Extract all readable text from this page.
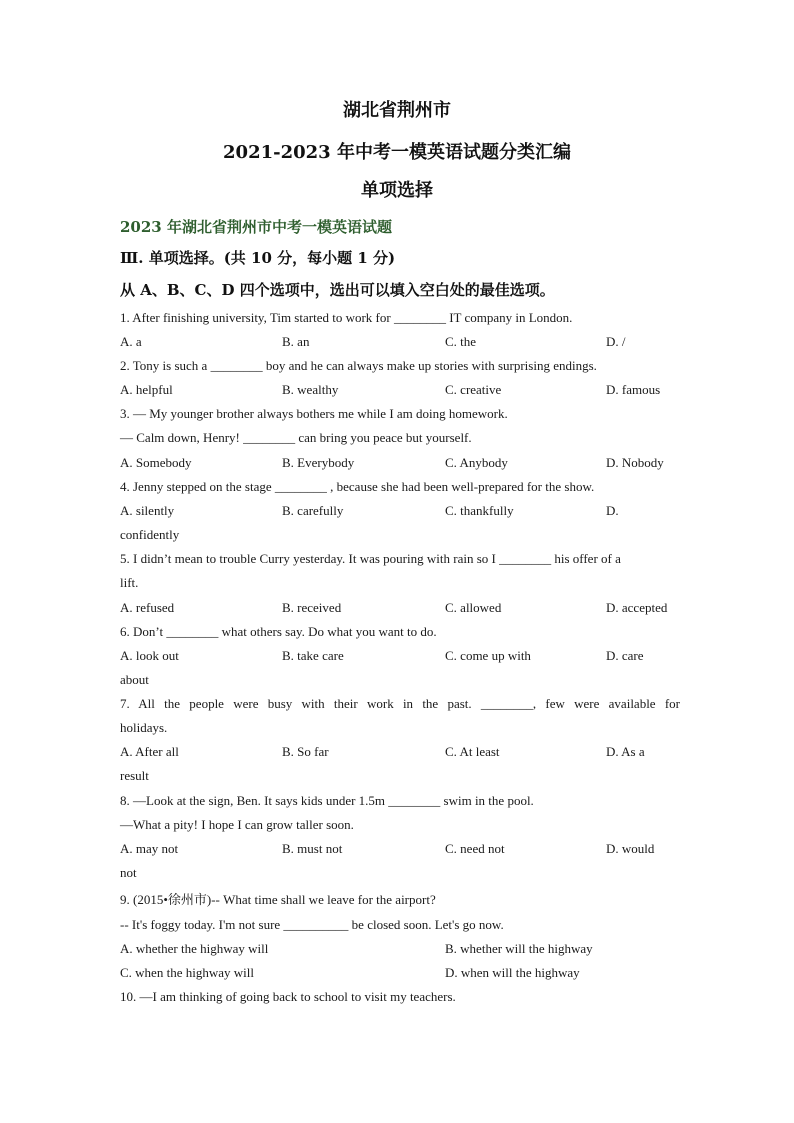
湖北省荆州市
2021-2023 年中考一模英语试题分类汇编
单项选择
2023 年湖北省荆州市中考一模英语试题
Ⅲ. 单项选择。(共 10 分，每小题 1 分)
从 A、B、C、D 四个选项中，选出可以填入空白处的最佳选项。
1. After finishing university, Tim started to work for ________ IT company in London.
A. a	B. an	C. the	D. /
2. Tony is such a ________ boy and he can always make up stories with surprising endings.
A. helpful	B. wealthy	C. creative	D. famous
3. — My younger brother always bothers me while I am doing homework.
— Calm down, Henry! ________ can bring you peace but yourself.
A. Somebody	B. Everybody	C. Anybody	D. Nobody
4. Jenny stepped on the stage ________ , because she had been well-prepared for the show.
A. silently	B. carefully	C. thankfully	D.
confidently
5. I didn’t mean to trouble Curry yesterday. It was pouring with rain so I ________ his offer of a
lift.
A. refused	B. received	C. allowed	D. accepted
6. Don’t ________ what others say. Do what you want to do.
A. look out	B. take care	C. come up with	D. care
about
7. All the people were busy with their work in the past. ________, few were available for
holidays.
A. After all	B. So far	C. At least	D. As a
result
8. —Look at the sign, Ben. It says kids under 1.5m ________ swim in the pool.
—What a pity! I hope I can grow taller soon.
A. may not	B. must not	C. need not	D. would
not
9. (2015•徐州市)-- What time shall we leave for the airport?
-- It's foggy today. I'm not sure __________ be closed soon. Let's go now.
A. whether the highway will	B. whether will the highway
C. when the highway will	D. when will the highway
10. —I am thinking of going back to school to visit my teachers.
